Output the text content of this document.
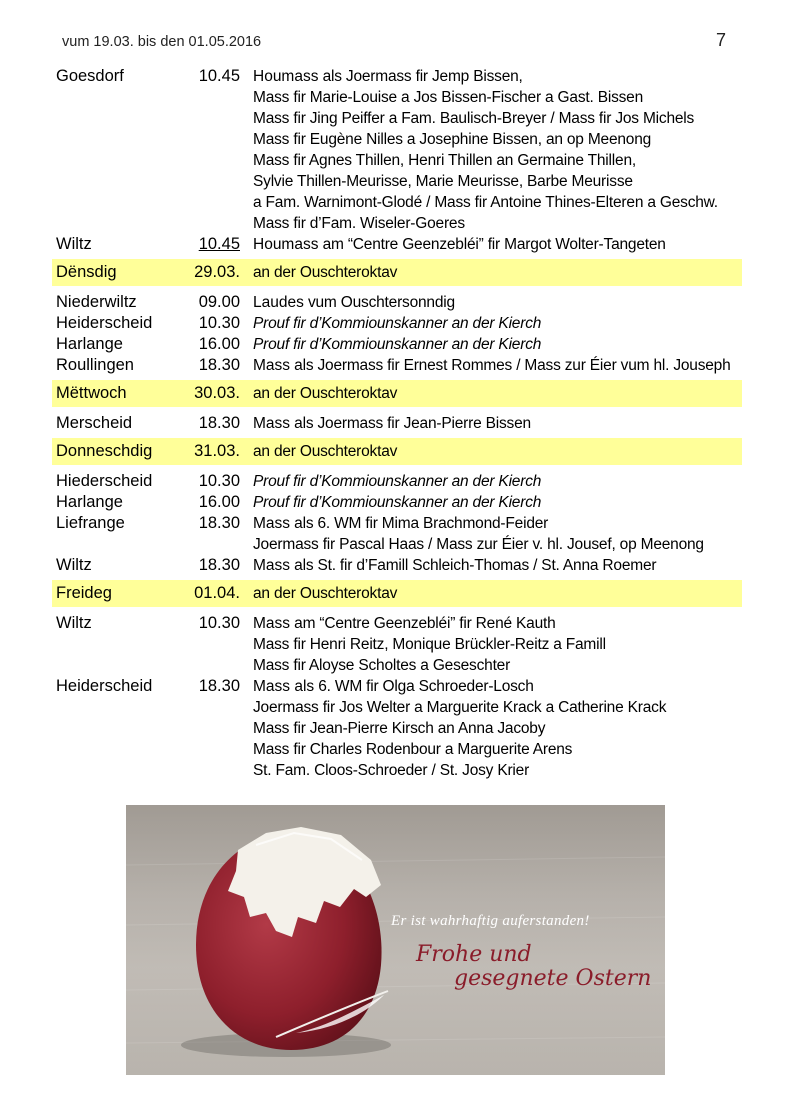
vum 19.03. bis den 01.05.2016	7
Goesdorf	10.45 Houmass als Joermass fir Jemp Bissen,
Mass fir Marie-Louise a Jos Bissen-Fischer a Gast. Bissen
Mass fir Jing Peiffer a Fam. Baulisch-Breyer / Mass fir Jos Michels
Mass fir Eugène Nilles a Josephine Bissen, an op Meenong
Mass fir Agnes Thillen, Henri Thillen an Germaine Thillen,
Sylvie Thillen-Meurisse, Marie Meurisse, Barbe Meurisse
a Fam. Warnimont-Glodé / Mass fir Antoine Thines-Elteren a Geschw.
Mass fir d’Fam. Wiseler-Goeres
Wiltz	10.45 Houmass am “Centre Geenzebléi” fir Margot Wolter-Tangeten
Dënsdig	29.03. an der Ouschteroktav
Niederwiltz	09.00 Laudes vum Ouschtersonndig
Heiderscheid	10.30 Prouf fir d’Kommiounskanner an der Kierch
Harlange	16.00 Prouf fir d’Kommiounskanner an der Kierch
Roullingen	18.30 Mass als Joermass fir Ernest Rommes / Mass zur Éier vum hl. Jouseph
Mëttwoch	30.03. an der Ouschteroktav
Merscheid	18.30 Mass als Joermass fir Jean-Pierre Bissen
Donneschdig	31.03. an der Ouschteroktav
Hiederscheid	10.30 Prouf fir d’Kommiounskanner an der Kierch
Harlange	16.00 Prouf fir d’Kommiounskanner an der Kierch
Liefrange	18.30 Mass als 6. WM fir Mima Brachmond-Feider
Joermass fir Pascal Haas / Mass zur Éier v. hl. Jousef, op Meenong
Wiltz	18.30 Mass als St. fir d’Famill Schleich-Thomas / St. Anna Roemer
Freideg	01.04. an der Ouschteroktav
Wiltz	10.30 Mass am “Centre Geenzebléi” fir René Kauth
Mass fir Henri Reitz, Monique Brückler-Reitz a Famill
Mass fir Aloyse Scholtes a Geseschter
Heiderscheid	18.30 Mass als 6. WM fir Olga Schroeder-Losch
Joermass fir Jos Welter a Marguerite Krack a Catherine Krack
Mass fir Jean-Pierre Kirsch an Anna Jacoby
Mass fir Charles Rodenbour a Marguerite Arens
St. Fam. Cloos-Schroeder / St. Josy Krier
Er ist wahrhaftig auferstanden!
Frohe und
gesegnete Ostern
